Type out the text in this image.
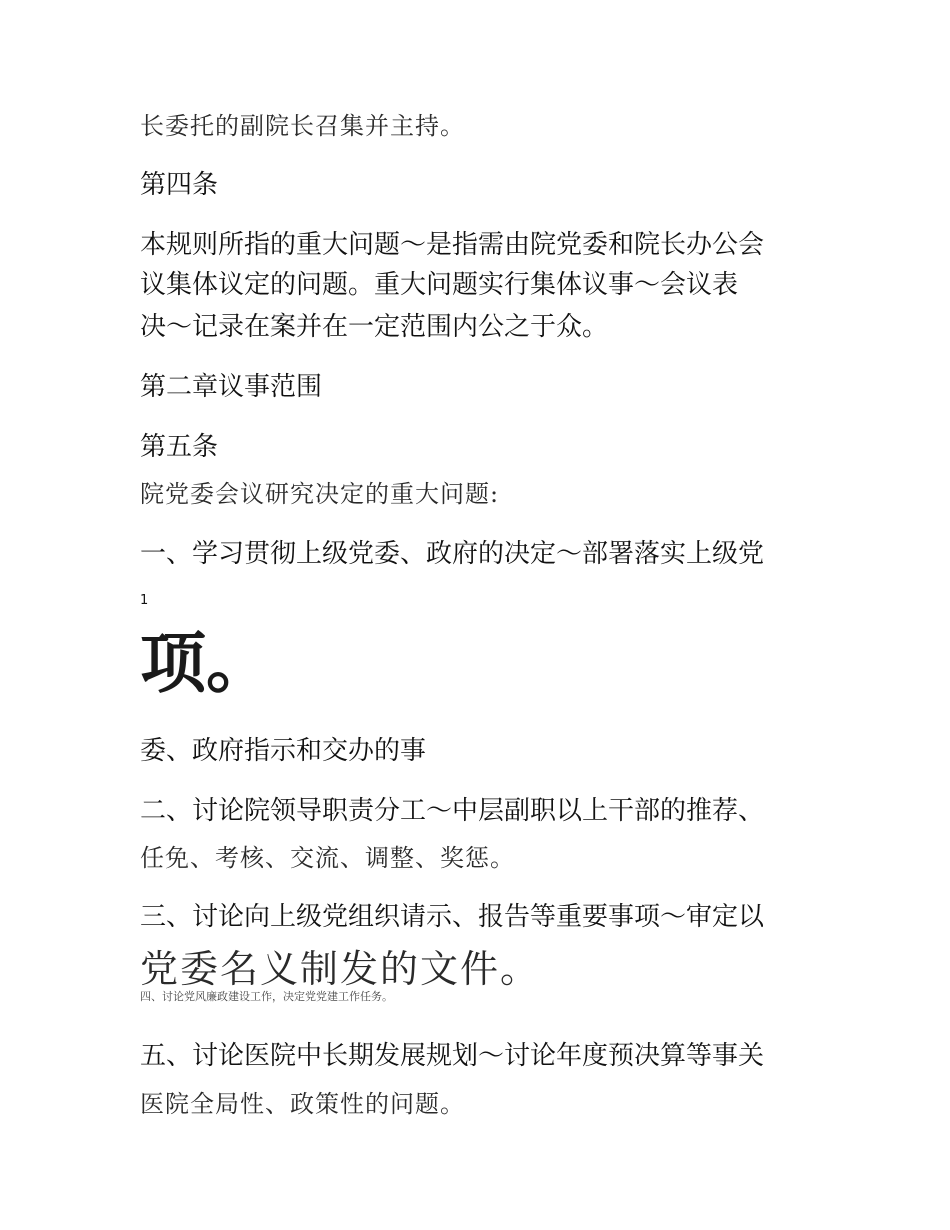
长委托的副院长召集并主持。

第四条

本规则所指的重大问题～是指需由院党委和院长办公会

议集体议定的问题。重大问题实行集体议事～会议表

决～记录在案并在一定范围内公之于众。

第二章议事范围

第五条

院党委会议研究决定的重大问题:

一、学习贯彻上级党委、政府的决定～部署落实上级党

1

项。

委、政府指示和交办的事

二、讨论院领导职责分工～中层副职以上干部的推荐、

任免、考核、交流、调整、奖惩。

三、讨论向上级党组织请示、报告等重要事项～审定以

党委名义制发的文件。

四、讨论党风廉政建设工作，决定党党建工作任务。

五、讨论医院中长期发展规划～讨论年度预决算等事关

医院全局性、政策性的问题。
